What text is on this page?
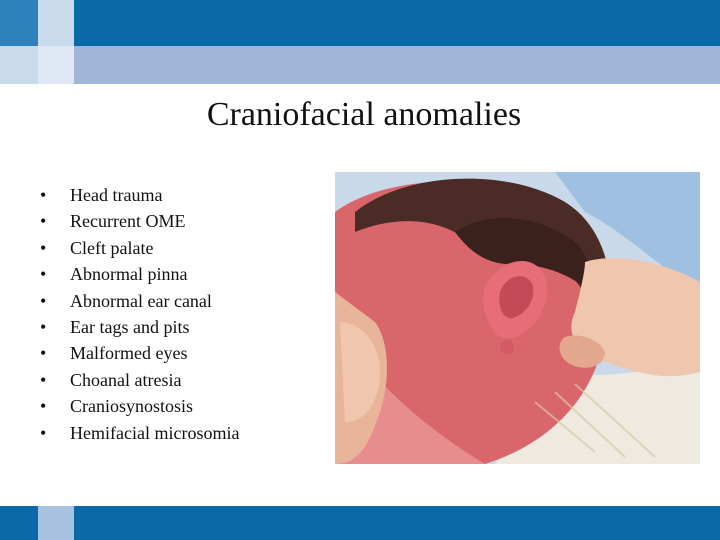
Craniofacial anomalies
• Head trauma
• Recurrent OME
• Cleft palate
• Abnormal pinna
• Abnormal ear canal
• Ear tags and pits
• Malformed eyes
• Choanal atresia
• Craniosynostosis
• Hemifacial microsomia
